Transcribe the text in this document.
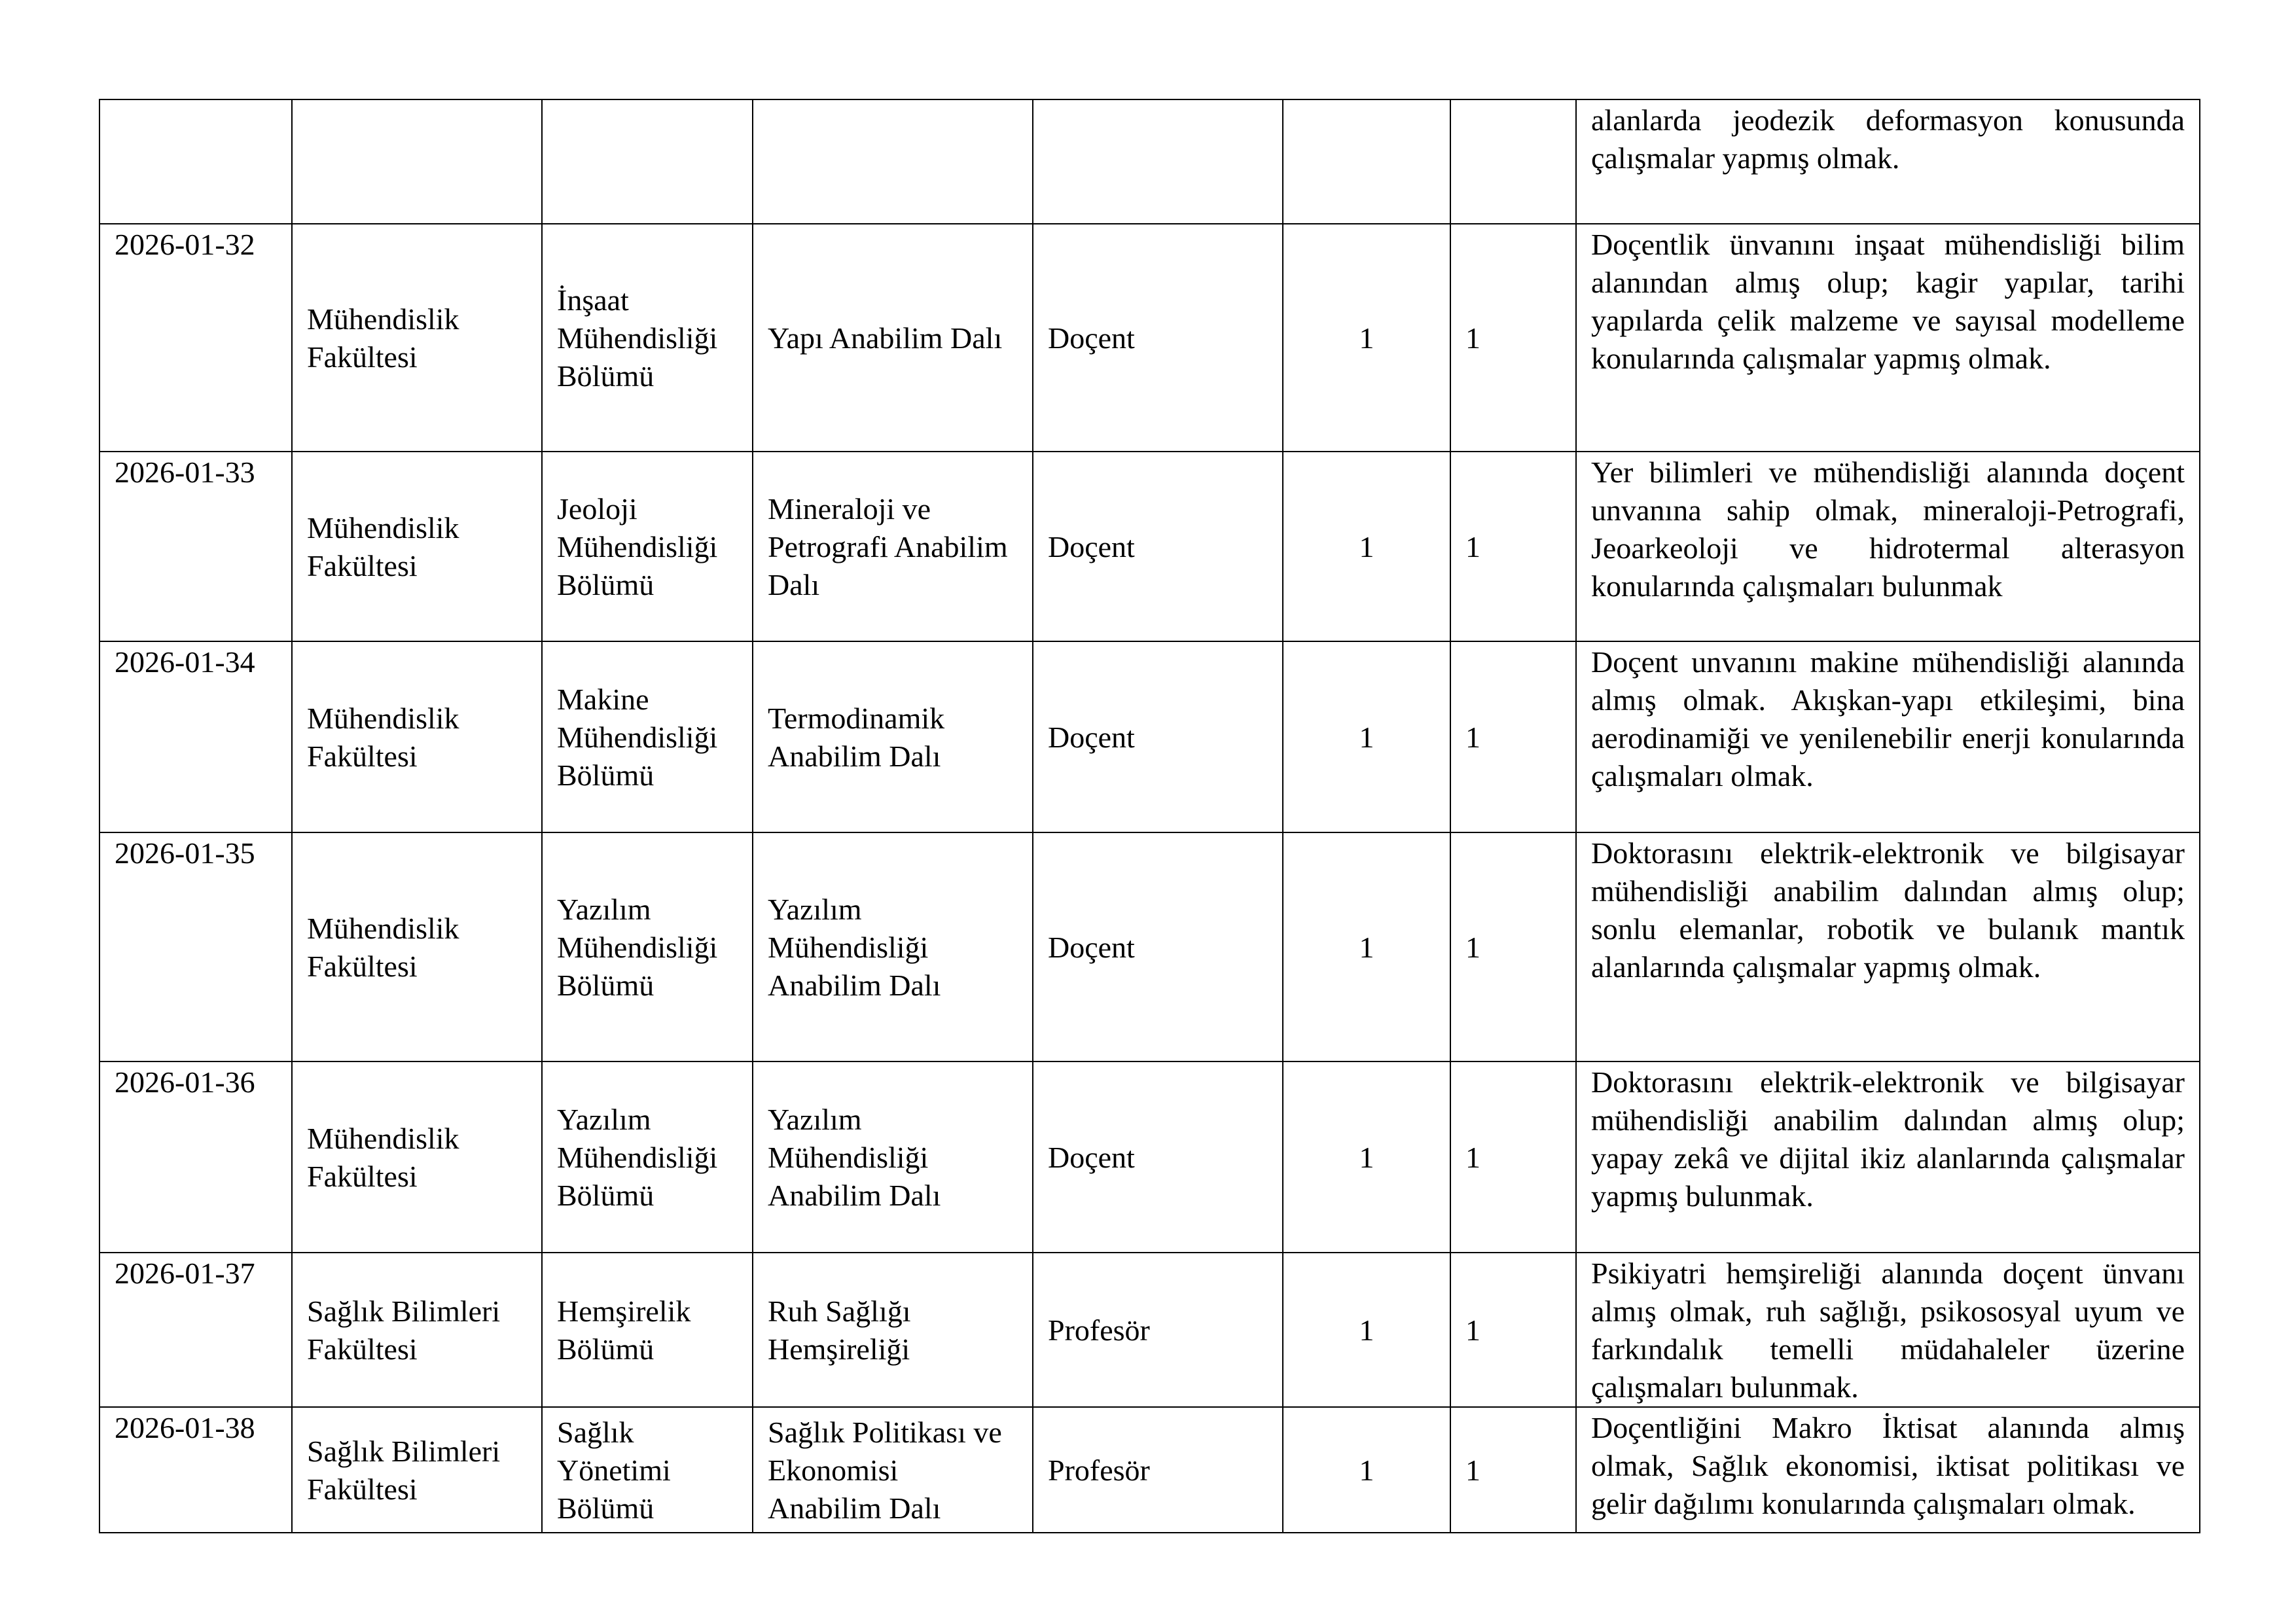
							alanlarda jeodezik deformasyon konusunda çalışmalar yapmış olmak.
2026-01-32	Mühendislik Fakültesi	İnşaat Mühendisliği Bölümü	Yapı Anabilim Dalı	Doçent	1	1	Doçentlik ünvanını inşaat mühendisliği bilim alanından almış olup; kagir yapılar, tarihi yapılarda çelik malzeme ve sayısal modelleme konularında çalışmalar yapmış olmak.
2026-01-33	Mühendislik Fakültesi	Jeoloji Mühendisliği Bölümü	Mineraloji ve Petrografi Anabilim Dalı	Doçent	1	1	Yer bilimleri ve mühendisliği alanında doçent unvanına sahip olmak, mineraloji-Petrografi, Jeoarkeoloji ve hidrotermal alterasyon konularında çalışmaları bulunmak
2026-01-34	Mühendislik Fakültesi	Makine Mühendisliği Bölümü	Termodinamik Anabilim Dalı	Doçent	1	1	Doçent unvanını makine mühendisliği alanında almış olmak. Akışkan-yapı etkileşimi, bina aerodinamiği ve yenilenebilir enerji konularında çalışmaları olmak.
2026-01-35	Mühendislik Fakültesi	Yazılım Mühendisliği Bölümü	Yazılım Mühendisliği Anabilim Dalı	Doçent	1	1	Doktorasını elektrik-elektronik ve bilgisayar mühendisliği anabilim dalından almış olup; sonlu elemanlar, robotik ve bulanık mantık alanlarında çalışmalar yapmış olmak.
2026-01-36	Mühendislik Fakültesi	Yazılım Mühendisliği Bölümü	Yazılım Mühendisliği Anabilim Dalı	Doçent	1	1	Doktorasını elektrik-elektronik ve bilgisayar mühendisliği anabilim dalından almış olup; yapay zekâ ve dijital ikiz alanlarında çalışmalar yapmış bulunmak.
2026-01-37	Sağlık Bilimleri Fakültesi	Hemşirelik Bölümü	Ruh Sağlığı Hemşireliği	Profesör	1	1	Psikiyatri hemşireliği alanında doçent ünvanı almış olmak, ruh sağlığı, psikososyal uyum ve farkındalık temelli müdahaleler üzerine çalışmaları bulunmak.
2026-01-38	Sağlık Bilimleri Fakültesi	Sağlık Yönetimi Bölümü	Sağlık Politikası ve Ekonomisi Anabilim Dalı	Profesör	1	1	Doçentliğini Makro İktisat alanında almış olmak, Sağlık ekonomisi, iktisat politikası ve gelir dağılımı konularında çalışmaları olmak.
